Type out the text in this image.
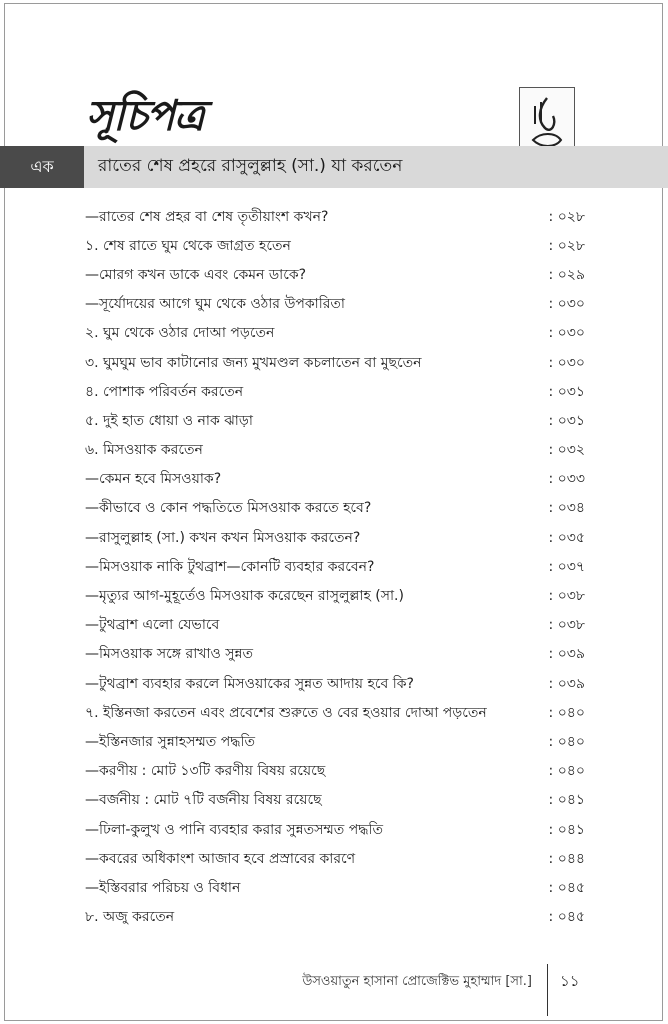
সূচিপত্র
এক	রাতের শেষ প্রহরে রাসুলুল্লাহ (সা.) যা করতেন
—রাতের শেষ প্রহর বা শেষ তৃতীয়াংশ কখন?	: ০২৮
১. শেষ রাতে ঘুম থেকে জাগ্রত হতেন	: ০২৮
—মোরগ কখন ডাকে এবং কেমন ডাকে?	: ০২৯
—সূর্যোদয়ের আগে ঘুম থেকে ওঠার উপকারিতা	: ০৩০
২. ঘুম থেকে ওঠার দোআ পড়তেন	: ০৩০
৩. ঘুমঘুম ভাব কাটানোর জন্য মুখমণ্ডল কচলাতেন বা মুছতেন	: ০৩০
৪. পোশাক পরিবর্তন করতেন	: ০৩১
৫. দুই হাত ধোয়া ও নাক ঝাড়া	: ০৩১
৬. মিসওয়াক করতেন	: ০৩২
—কেমন হবে মিসওয়াক?	: ০৩৩
—কীভাবে ও কোন পদ্ধতিতে মিসওয়াক করতে হবে?	: ০৩৪
—রাসুলুল্লাহ (সা.) কখন কখন মিসওয়াক করতেন?	: ০৩৫
—মিসওয়াক নাকি টুথব্রাশ—কোনটি ব্যবহার করবেন?	: ০৩৭
—মৃত্যুর আগ-মুহূর্তেও মিসওয়াক করেছেন রাসুলুল্লাহ (সা.)	: ০৩৮
—টুথব্রাশ এলো যেভাবে	: ০৩৮
—মিসওয়াক সঙ্গে রাখাও সুন্নত	: ০৩৯
—টুথব্রাশ ব্যবহার করলে মিসওয়াকের সুন্নত আদায় হবে কি?	: ০৩৯
৭. ইস্তিনজা করতেন এবং প্রবেশের শুরুতে ও বের হওয়ার দোআ পড়তেন	: ০৪০
—ইস্তিনজার সুন্নাহসম্মত পদ্ধতি	: ০৪০
—করণীয় : মোট ১৩টি করণীয় বিষয় রয়েছে	: ০৪০
—বর্জনীয় : মোট ৭টি বর্জনীয় বিষয় রয়েছে	: ০৪১
—ঢিলা-কুলুখ ও পানি ব্যবহার করার সুন্নতসম্মত পদ্ধতি	: ০৪১
—কবরের অধিকাংশ আজাব হবে প্রস্রাবের কারণে	: ০৪৪
—ইস্তিবরার পরিচয় ও বিধান	: ০৪৫
৮. অজু করতেন	: ০৪৫
উসওয়াতুন হাসানা প্রোজেক্টিভ মুহাম্মাদ [সা.] ১১
